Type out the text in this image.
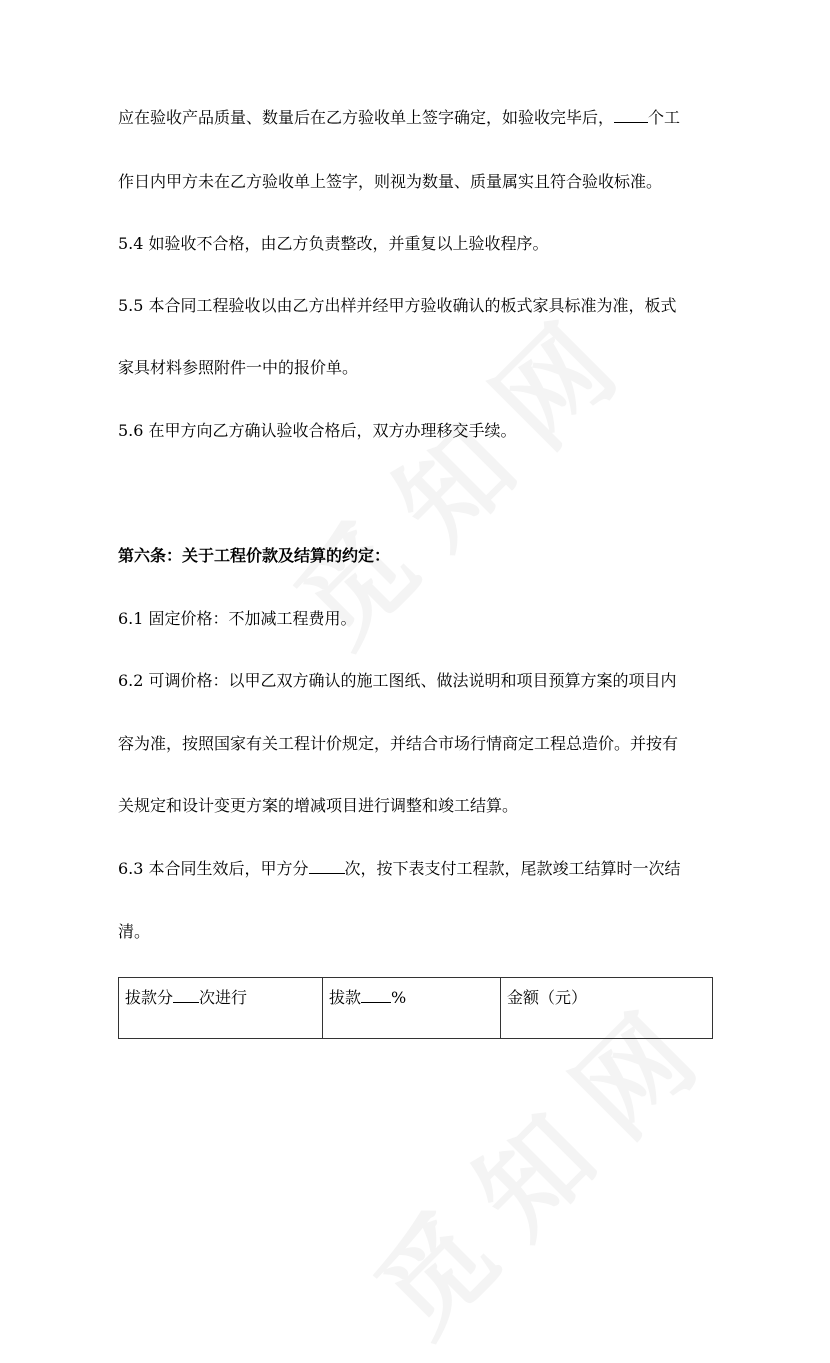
应在验收产品质量、数量后在乙方验收单上签字确定，如验收完毕后， 个工
作日内甲方未在乙方验收单上签字，则视为数量、质量属实且符合验收标准。
5.4 如验收不合格，由乙方负责整改，并重复以上验收程序。
5.5 本合同工程验收以由乙方出样并经甲方验收确认的板式家具标准为准，板式
家具材料参照附件一中的报价单。
5.6 在甲方向乙方确认验收合格后，双方办理移交手续。
第六条：关于工程价款及结算的约定：
6.1 固定价格：不加减工程费用。
6.2 可调价格：以甲乙双方确认的施工图纸、做法说明和项目预算方案的项目内
容为准，按照国家有关工程计价规定，并结合市场行情商定工程总造价。并按有
关规定和设计变更方案的增减项目进行调整和竣工结算。
6.3 本合同生效后，甲方分 次，按下表支付工程款，尾款竣工结算时一次结
清。
拔款分 次进行	拔款 %	金额（元）
